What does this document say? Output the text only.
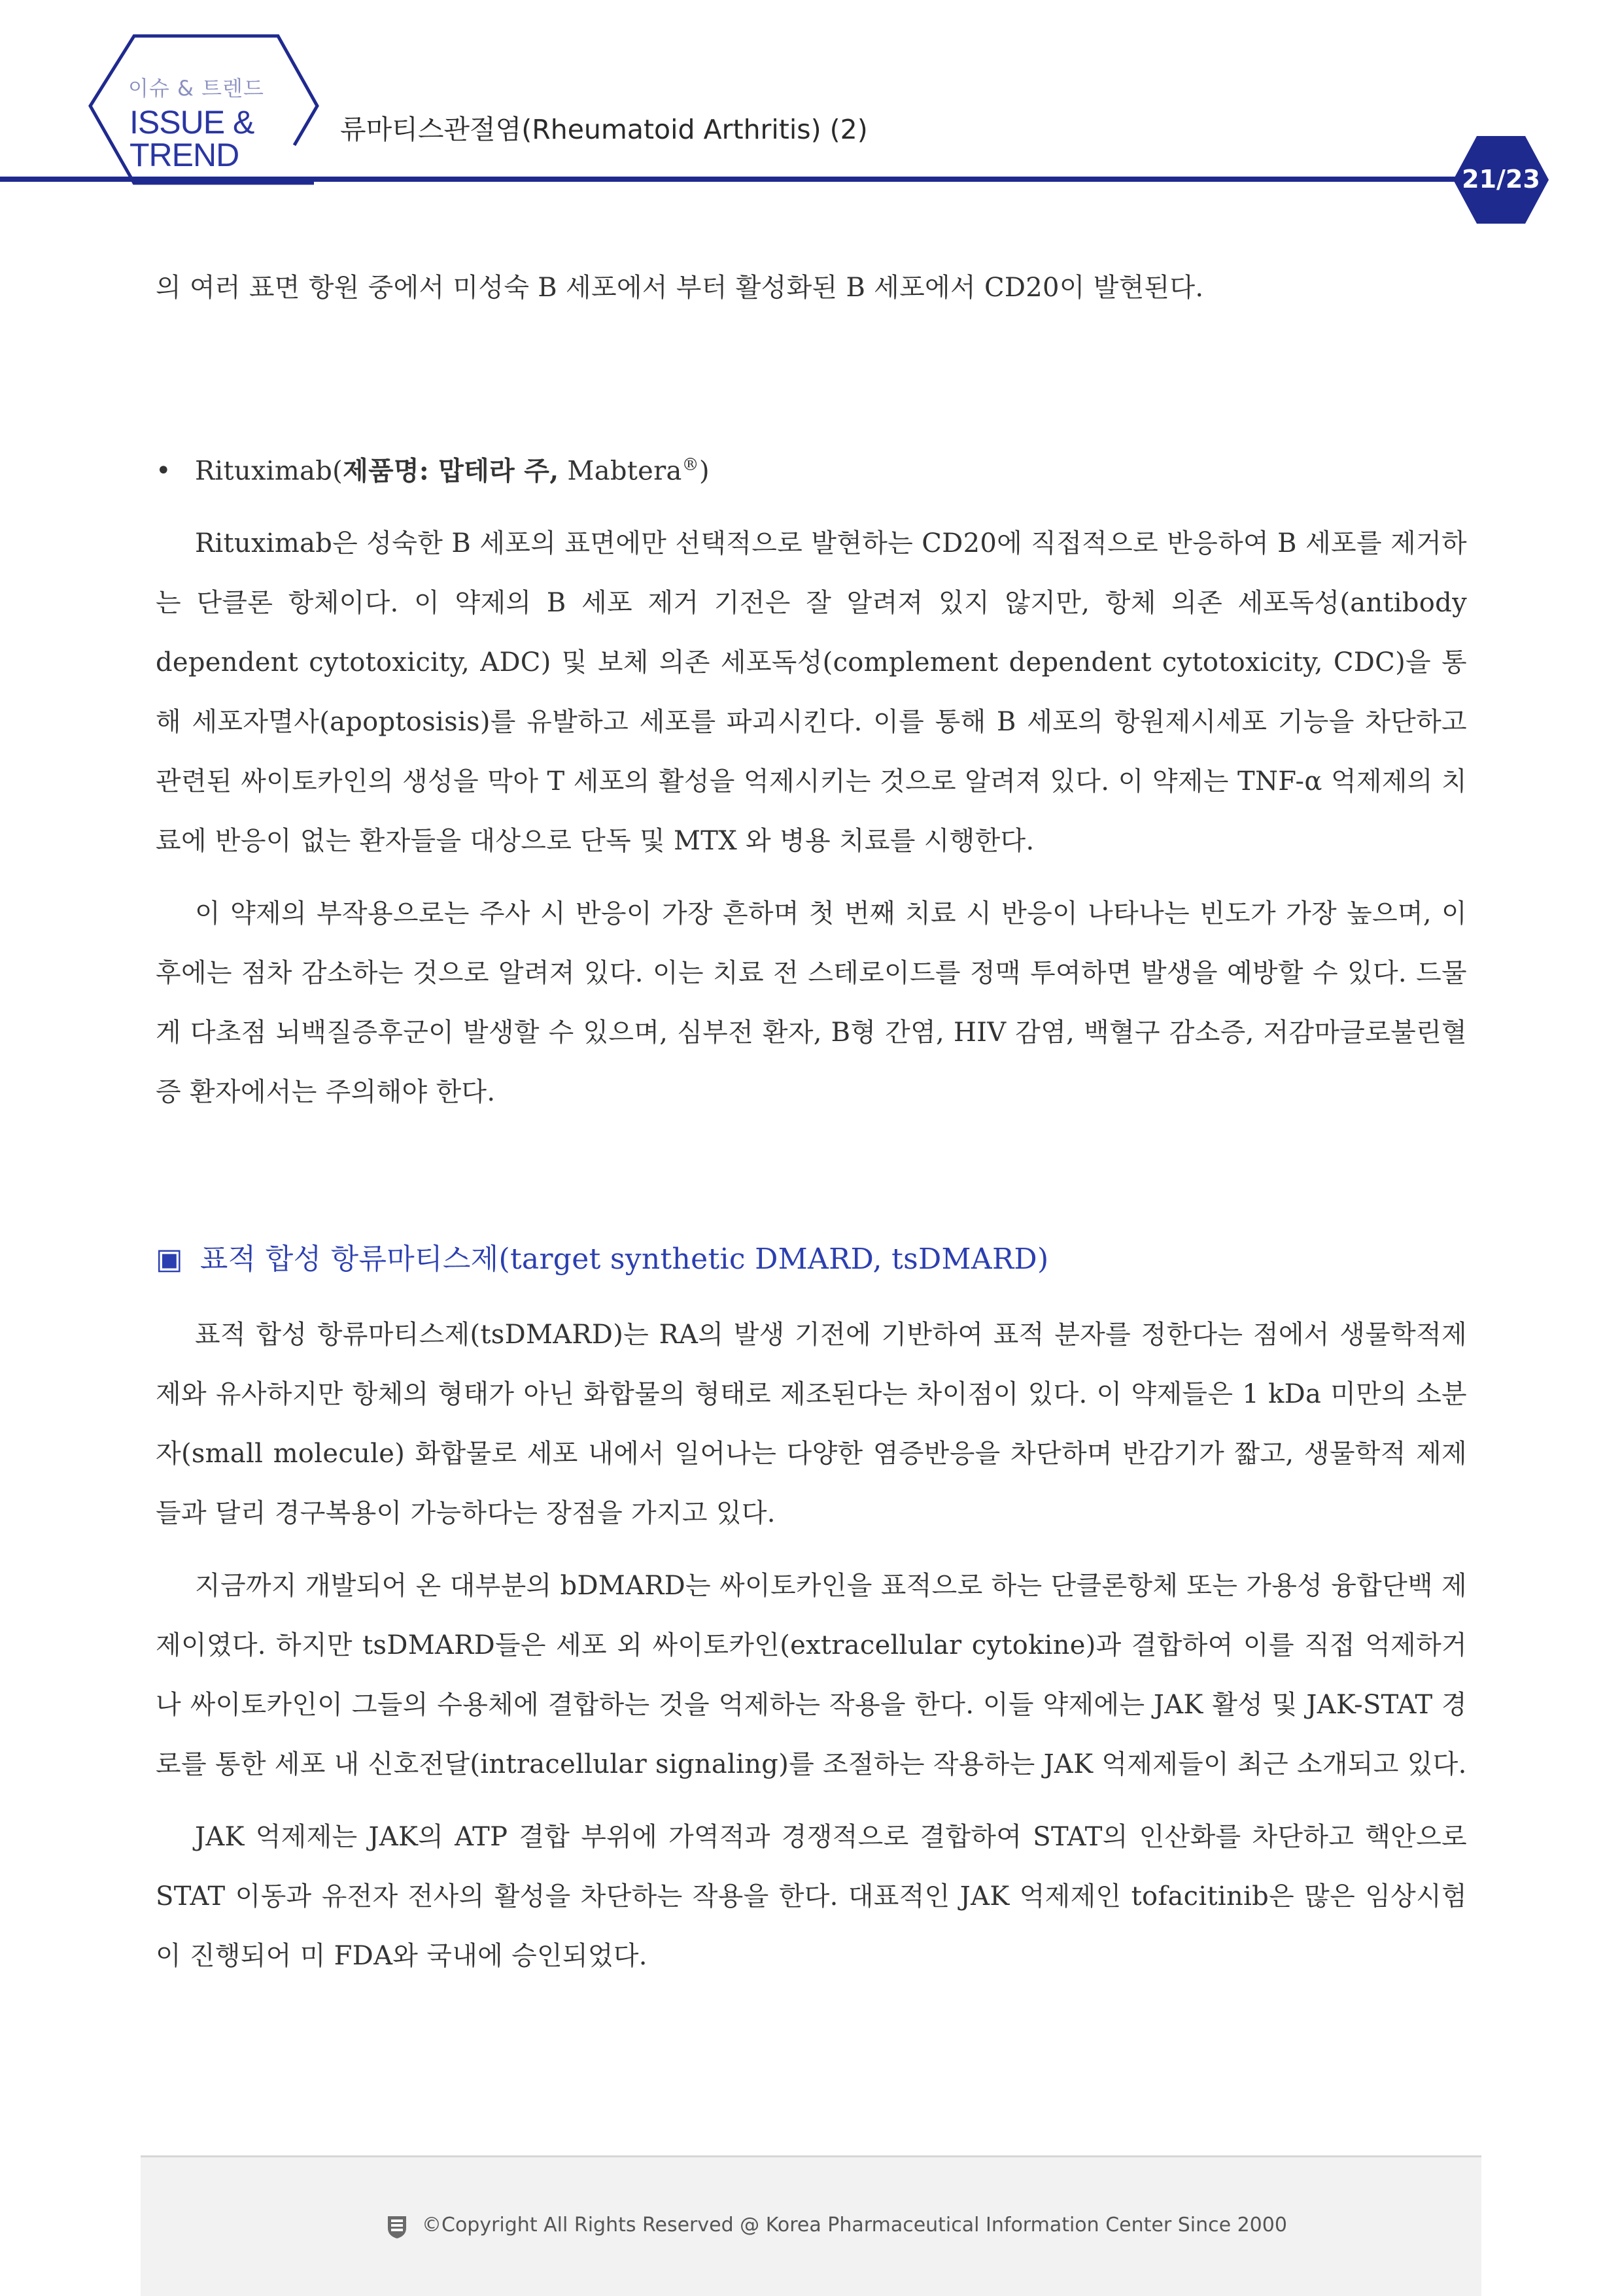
이슈 & 트렌드
ISSUE &
TREND
류마티스관절염(Rheumatoid Arthritis) (2)
21/23

의 여러 표면 항원 중에서 미성숙 B 세포에서 부터 활성화된 B 세포에서 CD20이 발현된다.

• Rituximab(제품명: 맙테라 주, Mabtera®)

Rituximab은 성숙한 B 세포의 표면에만 선택적으로 발현하는 CD20에 직접적으로 반응하여 B 세포를 제거하는 단클론 항체이다. 이 약제의 B 세포 제거 기전은 잘 알려져 있지 않지만, 항체 의존 세포독성(antibody dependent cytotoxicity, ADC) 및 보체 의존 세포독성(complement dependent cytotoxicity, CDC)을 통해 세포자멸사(apoptosisis)를 유발하고 세포를 파괴시킨다. 이를 통해 B 세포의 항원제시세포 기능을 차단하고 관련된 싸이토카인의 생성을 막아 T 세포의 활성을 억제시키는 것으로 알려져 있다. 이 약제는 TNF-α 억제제의 치료에 반응이 없는 환자들을 대상으로 단독 및 MTX 와 병용 치료를 시행한다.

이 약제의 부작용으로는 주사 시 반응이 가장 흔하며 첫 번째 치료 시 반응이 나타나는 빈도가 가장 높으며, 이후에는 점차 감소하는 것으로 알려져 있다. 이는 치료 전 스테로이드를 정맥 투여하면 발생을 예방할 수 있다. 드물게 다초점 뇌백질증후군이 발생할 수 있으며, 심부전 환자, B형 간염, HIV 감염, 백혈구 감소증, 저감마글로불린혈증 환자에서는 주의해야 한다.

▣ 표적 합성 항류마티스제(target synthetic DMARD, tsDMARD)

표적 합성 항류마티스제(tsDMARD)는 RA의 발생 기전에 기반하여 표적 분자를 정한다는 점에서 생물학적제제와 유사하지만 항체의 형태가 아닌 화합물의 형태로 제조된다는 차이점이 있다. 이 약제들은 1 kDa 미만의 소분자(small molecule) 화합물로 세포 내에서 일어나는 다양한 염증반응을 차단하며 반감기가 짧고, 생물학적 제제들과 달리 경구복용이 가능하다는 장점을 가지고 있다.

지금까지 개발되어 온 대부분의 bDMARD는 싸이토카인을 표적으로 하는 단클론항체 또는 가용성 융합단백 제제이였다. 하지만 tsDMARD들은 세포 외 싸이토카인(extracellular cytokine)과 결합하여 이를 직접 억제하거나 싸이토카인이 그들의 수용체에 결합하는 것을 억제하는 작용을 한다. 이들 약제에는 JAK 활성 및 JAK-STAT 경로를 통한 세포 내 신호전달(intracellular signaling)를 조절하는 작용하는 JAK 억제제들이 최근 소개되고 있다.

JAK 억제제는 JAK의 ATP 결합 부위에 가역적과 경쟁적으로 결합하여 STAT의 인산화를 차단하고 핵안으로 STAT 이동과 유전자 전사의 활성을 차단하는 작용을 한다. 대표적인 JAK 억제제인 tofacitinib은 많은 임상시험이 진행되어 미 FDA와 국내에 승인되었다.

©Copyright All Rights Reserved @ Korea Pharmaceutical Information Center Since 2000
